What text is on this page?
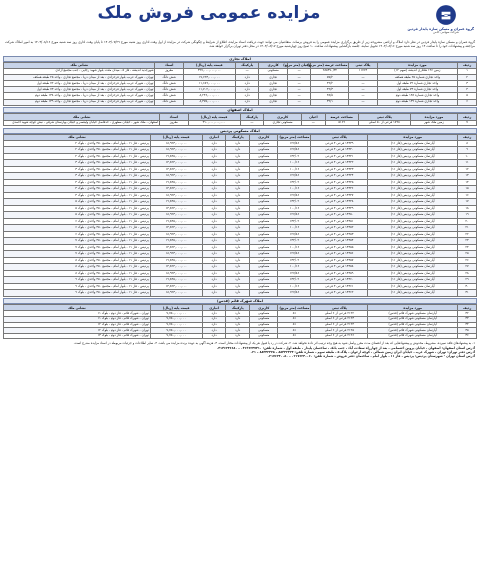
مزایده عمومی فروش ملک
گروه عمران و مسکن سازه پایدار فردین
شرکت سهامی خاص
گروه عمران و مسکن سازه پایدار فردین در نظر دارد املاک و اراضی مشروحه زیر از طریق برگزاری مزایده عمومی را به فروش برساند. متقاضیان می توانند جهت دریافت اسناد مزایده، اطلاع از شرایط و چگونگی شرکت در مزایده از اول وقت اداری روز شنبه مورخ ۱۴۰۳/۰۷/۲۹ تا پایان وقت اداری روز سه شنبه مورخ ۱۴۰۳/۰۸/۱۶ به امور املاک شرکت مراجعه و پیشنهادات خود را تا ساعت ۱۴ روز سه شنبه مورخ ۱۴۰۳/۰۸/۱۶ تحویل نمایند. جلسه بازگشایی پیشنهادات ساعت ۱۰ صبح روز چهارشنبه مورخ ۱۴۰۳/۰۸/۱۷ در محل دفتر تهران برگزار خواهد شد.
املاک تجاری
ردیف	مورد مزایده	پلاک ثبتی	مساحت عرصه (متر مربع)	اعیان (متر مربع)	کاربری	پارکینگ	قیمت پایه (ریال)	اسناد	نشانی ملک
۱	زمین ۱۹۶ هکتاری اندیشه (سهم ۱۲)	۱۱۷۶۳	۲۸۵۴۷۰/۳۲	—	مسکونی	—	۳۹۷,۰۰۰,۰۰۰,۰۰۰	مفروز	شهرجدید اندیشه ، فاز ۵ ، میدان ملت، بلوار شهید رجایی ، جنب مجتمع آزادی
۲	واحد تجاری شماره ۲۵ طبقه همکف	—	۷۵/۲	—	تجاری	دارد	۱۷,۶۲۳,۰۰۰,۰۰۰	شش دانگ	تهران - شهرک غرب، بلوار فرحزادی ، بعد از میدان دریا ، مجتمع تجاری ، واحد ۲۵ طبقه همکف
۳	واحد تجاری شماره ۷۲ طبقه اول	—	۴۹/۲	—	تجاری	دارد	۱۱,۶۸۹,۰۰۰,۰۰۰	شش دانگ	تهران - شهرک غرب، بلوار فرحزادی ، بعد از میدان دریا ، مجتمع تجاری ، واحد ۷۲ طبقه اول
۴	واحد تجاری شماره ۷۳ طبقه اول	—	۴۹/۳	—	تجاری	دارد	۱۱,۷۰۲,۰۰۰,۰۰۰	شش دانگ	تهران - شهرک غرب، بلوار فرحزادی ، بعد از میدان دریا ، مجتمع تجاری ، واحد ۷۳ طبقه اول
۵	واحد تجاری شماره ۱۳۸ طبقه دوم	—	۳۸/۵	—	تجاری	دارد	۸,۲۴۶,۰۰۰,۰۰۰	شش دانگ	تهران - شهرک غرب، بلوار فرحزادی ، بعد از میدان دریا ، مجتمع تجاری ، واحد ۱۳۸ طبقه دوم
۶	واحد تجاری شماره ۱۳۹ طبقه دوم	—	۳۹/۱	—	تجاری	دارد	۸,۳۷۵,۰۰۰,۰۰۰	شش دانگ	تهران - شهرک غرب، بلوار فرحزادی ، بعد از میدان دریا ، مجتمع تجاری ، واحد ۱۳۹ طبقه دوم
املاک اصفهان
ردیف	مورد مزایده	پلاک ثبتی	مساحت عرصه	اعیان	کاربری	پارکینگ	قیمت پایه (ریال)	اسناد	نشانی ملک
۷	زمین ملک شهر	۱۷۹۸ فرعی از ۵۰ اصلی	۵۱۶۹	—	مسکونی تجاری	—	۳۱۰,۰۰۰,۰۰۰,۰۰۰	مفروز	اصفهان ، ملک شهر ، خیابان مطهری ، حدفاصل خیابان ولیعصر و خیابان بهارستان شرقی ، نبش کوچه شهید احمدی
املاک مسکونی پردیس
ردیف	مورد مزایده	پلاک ثبتی	مساحت (متر مربع)	کاربری	پارکینگ	انباری	قیمت پایه (ریال)	نشانی ملک
۸	آپارتمان مسکونی پردیس (فاز ۱۱)	۱۴۳۳۹ فرعی ۴ فرعی	۱۲۷/۸۶	مسکونی	دارد	دارد	۱۸,۹۲۳,۰۰۰,۰۰۰	پردیس - فاز ۱۱ - بلوار امام ، مجتمع ۴۵۰ واحدی ، بلوک ۲
۹	آپارتمان مسکونی پردیس (فاز ۱۱)	۱۴۳۴۰ فرعی ۴ فرعی	۱۲۷/۸۶	مسکونی	دارد	دارد	۱۸,۹۲۳,۰۰۰,۰۰۰	پردیس - فاز ۱۱ - بلوار امام ، مجتمع ۴۵۰ واحدی ، بلوک ۲
۱۰	آپارتمان مسکونی پردیس (فاز ۱۱)	۱۴۳۴۱ فرعی ۴ فرعی	۱۳۴/۰۲	مسکونی	دارد	دارد	۱۹,۸۳۵,۰۰۰,۰۰۰	پردیس - فاز ۱۱ - بلوار امام ، مجتمع ۴۵۰ واحدی ، بلوک ۲
۱۱	آپارتمان مسکونی پردیس (فاز ۱۱)	۱۴۳۴۲ فرعی ۴ فرعی	۱۰۰/۱۶	مسکونی	دارد	دارد	۱۴,۸۲۴,۰۰۰,۰۰۰	پردیس - فاز ۱۱ - بلوار امام ، مجتمع ۴۵۰ واحدی ، بلوک ۳
۱۲	آپارتمان مسکونی پردیس (فاز ۱۱)	۱۴۳۴۳ فرعی ۴ فرعی	۱۰۰/۱۶	مسکونی	دارد	دارد	۱۴,۸۲۴,۰۰۰,۰۰۰	پردیس - فاز ۱۱ - بلوار امام ، مجتمع ۴۵۰ واحدی ، بلوک ۳
۱۳	آپارتمان مسکونی پردیس (فاز ۱۱)	۱۴۳۴۴ فرعی ۴ فرعی	۱۲۷/۸۶	مسکونی	دارد	دارد	۱۸,۹۲۳,۰۰۰,۰۰۰	پردیس - فاز ۱۱ - بلوار امام ، مجتمع ۴۵۰ واحدی ، بلوک ۳
۱۴	آپارتمان مسکونی پردیس (فاز ۱۱)	۱۴۳۴۵ فرعی ۴ فرعی	۱۳۴/۰۲	مسکونی	دارد	دارد	۱۹,۸۳۵,۰۰۰,۰۰۰	پردیس - فاز ۱۱ - بلوار امام ، مجتمع ۴۵۰ واحدی ، بلوک ۴
۱۵	آپارتمان مسکونی پردیس (فاز ۱۱)	۱۴۳۴۶ فرعی ۴ فرعی	۱۰۰/۱۶	مسکونی	دارد	دارد	۱۴,۸۲۴,۰۰۰,۰۰۰	پردیس - فاز ۱۱ - بلوار امام ، مجتمع ۴۵۰ واحدی ، بلوک ۴
۱۶	آپارتمان مسکونی پردیس (فاز ۱۱)	۱۴۳۴۷ فرعی ۴ فرعی	۱۲۷/۸۶	مسکونی	دارد	دارد	۱۸,۹۲۳,۰۰۰,۰۰۰	پردیس - فاز ۱۱ - بلوار امام ، مجتمع ۴۵۰ واحدی ، بلوک ۴
۱۷	آپارتمان مسکونی پردیس (فاز ۱۱)	۱۴۳۴۸ فرعی ۴ فرعی	۱۳۴/۰۲	مسکونی	دارد	دارد	۱۹,۸۳۵,۰۰۰,۰۰۰	پردیس - فاز ۱۱ - بلوار امام ، مجتمع ۴۵۰ واحدی ، بلوک ۵
۱۸	آپارتمان مسکونی پردیس (فاز ۱۱)	۱۴۳۴۹ فرعی ۴ فرعی	۱۰۰/۱۶	مسکونی	دارد	دارد	۱۴,۸۲۴,۰۰۰,۰۰۰	پردیس - فاز ۱۱ - بلوار امام ، مجتمع ۴۵۰ واحدی ، بلوک ۵
۱۹	آپارتمان مسکونی پردیس (فاز ۱۱)	۱۴۳۵۰ فرعی ۴ فرعی	۱۲۷/۸۶	مسکونی	دارد	دارد	۱۸,۹۲۳,۰۰۰,۰۰۰	پردیس - فاز ۱۱ - بلوار امام ، مجتمع ۴۵۰ واحدی ، بلوک ۵
۲۰	آپارتمان مسکونی پردیس (فاز ۱۱)	۱۴۳۵۱ فرعی ۴ فرعی	۱۳۴/۰۲	مسکونی	دارد	دارد	۱۹,۸۳۵,۰۰۰,۰۰۰	پردیس - فاز ۱۱ - بلوار امام ، مجتمع ۴۵۰ واحدی ، بلوک ۶
۲۱	آپارتمان مسکونی پردیس (فاز ۱۱)	۱۴۳۵۲ فرعی ۴ فرعی	۱۰۰/۱۶	مسکونی	دارد	دارد	۱۴,۸۲۴,۰۰۰,۰۰۰	پردیس - فاز ۱۱ - بلوار امام ، مجتمع ۴۵۰ واحدی ، بلوک ۶
۲۲	آپارتمان مسکونی پردیس (فاز ۱۱)	۱۴۳۵۳ فرعی ۴ فرعی	۱۲۷/۸۶	مسکونی	دارد	دارد	۱۸,۹۲۳,۰۰۰,۰۰۰	پردیس - فاز ۱۱ - بلوار امام ، مجتمع ۴۵۰ واحدی ، بلوک ۶
۲۳	آپارتمان مسکونی پردیس (فاز ۱۱)	۱۴۳۵۴ فرعی ۴ فرعی	۱۳۴/۰۲	مسکونی	دارد	دارد	۱۹,۸۳۵,۰۰۰,۰۰۰	پردیس - فاز ۱۱ - بلوار امام ، مجتمع ۴۵۰ واحدی ، بلوک ۷
۲۴	آپارتمان مسکونی پردیس (فاز ۱۱)	۱۴۳۵۵ فرعی ۴ فرعی	۱۰۰/۱۶	مسکونی	دارد	دارد	۱۴,۸۲۴,۰۰۰,۰۰۰	پردیس - فاز ۱۱ - بلوار امام ، مجتمع ۴۵۰ واحدی ، بلوک ۷
۲۵	آپارتمان مسکونی پردیس (فاز ۱۱)	۱۴۳۵۶ فرعی ۴ فرعی	۱۲۷/۸۶	مسکونی	دارد	دارد	۱۸,۹۲۳,۰۰۰,۰۰۰	پردیس - فاز ۱۱ - بلوار امام ، مجتمع ۴۵۰ واحدی ، بلوک ۷
۲۶	آپارتمان مسکونی پردیس (فاز ۱۱)	۱۴۳۵۷ فرعی ۴ فرعی	۱۳۴/۰۲	مسکونی	دارد	دارد	۱۹,۸۳۵,۰۰۰,۰۰۰	پردیس - فاز ۱۱ - بلوار امام ، مجتمع ۴۵۰ واحدی ، بلوک ۸
۲۷	آپارتمان مسکونی پردیس (فاز ۱۱)	۱۴۳۵۸ فرعی ۴ فرعی	۱۰۰/۱۶	مسکونی	دارد	دارد	۱۴,۸۲۴,۰۰۰,۰۰۰	پردیس - فاز ۱۱ - بلوار امام ، مجتمع ۴۵۰ واحدی ، بلوک ۸
۲۸	آپارتمان مسکونی پردیس (فاز ۱۱)	۱۴۳۵۹ فرعی ۴ فرعی	۱۲۷/۸۶	مسکونی	دارد	دارد	۱۸,۹۲۳,۰۰۰,۰۰۰	پردیس - فاز ۱۱ - بلوار امام ، مجتمع ۴۵۰ واحدی ، بلوک ۸
۲۹	آپارتمان مسکونی پردیس (فاز ۱۱)	۱۴۳۶۰ فرعی ۴ فرعی	۱۳۴/۰۲	مسکونی	دارد	دارد	۱۹,۸۳۵,۰۰۰,۰۰۰	پردیس - فاز ۱۱ - بلوار امام ، مجتمع ۴۵۰ واحدی ، بلوک ۹
۳۰	آپارتمان مسکونی پردیس (فاز ۱۱)	۱۴۳۶۱ فرعی ۴ فرعی	۱۰۰/۱۶	مسکونی	دارد	دارد	۱۴,۸۲۴,۰۰۰,۰۰۰	پردیس - فاز ۱۱ - بلوار امام ، مجتمع ۴۵۰ واحدی ، بلوک ۹
۳۱	آپارتمان مسکونی پردیس (فاز ۱۱)	۱۴۳۶۲ فرعی ۴ فرعی	۱۲۷/۸۶	مسکونی	دارد	دارد	۱۸,۹۲۳,۰۰۰,۰۰۰	پردیس - فاز ۱۱ - بلوار امام ، مجتمع ۴۵۰ واحدی ، بلوک ۹
املاک شهرک قائم (قدس)
ردیف	مورد مزایده	پلاک ثبتی	مساحت (متر مربع)	کاربری	پارکینگ	انباری	قیمت پایه (ریال)	نشانی ملک
۳۲	آپارتمان مسکونی شهرک قائم (قدس)	۲۱۲۲ فرعی از ۶ اصلی	۵۱	مسکونی	دارد	دارد	۷,۷۵۰,۰۰۰,۰۰۰	تهران - شهرک قائم ، فاز دوم ، بلوک ۱۱
۳۳	آپارتمان مسکونی شهرک قائم (قدس)	۲۱۲۳ فرعی از ۶ اصلی	۵۱	مسکونی	دارد	دارد	۷,۷۵۰,۰۰۰,۰۰۰	تهران - شهرک قائم ، فاز دوم ، بلوک ۱۱
۳۴	آپارتمان مسکونی شهرک قائم (قدس)	۲۱۲۴ فرعی از ۶ اصلی	۵۱	مسکونی	دارد	دارد	۷,۷۵۰,۰۰۰,۰۰۰	تهران - شهرک قائم ، فاز دوم ، بلوک ۱۲
۳۵	آپارتمان مسکونی شهرک قائم (قدس)	۲۱۲۵ فرعی از ۶ اصلی	۵۱	مسکونی	دارد	دارد	۷,۷۵۰,۰۰۰,۰۰۰	تهران - شهرک قائم ، فاز دوم ، بلوک ۱۲
۳۶	آپارتمان مسکونی شهرک قائم (قدس)	۲۱۲۶ فرعی از ۶ اصلی	۵۱	مسکونی	دارد	دارد	۷,۷۵۰,۰۰۰,۰۰۰	تهران - شهرک قائم ، فاز دوم ، بلوک ۱۳

۱- به پیشنهادهای فاقد سپرده، مشروط، مخدوش و پیشنهادهایی که بعد از انقضای مدت مقرر واصل شود به هیچ وجه ترتیب اثر داده نخواهد شد. ۲- شرکت در رد یا قبول هر یک از پیشنهادات مختار است. ۳- هزینه آگهی به عهده برنده مزایده می باشد. ۴- سایر اطلاعات و جزئیات مربوطه در اسناد مزایده مندرج است.

آدرس استان اصفهان: اصفهان ، خیابان پروین اعتصامی ، بعد از چهارراه سعادت آباد ، جنب بانک ، ساختمان پایدار ، طبقه اول ، شماره تلفن: ۰۳۱۳۶۲۴۷۳۱۰ – ۰۳۱۳۶۲۴۶۶۸۰

آدرس دفتر تهران: تهران ، شهرک غرب ، خیابان ایران زمین شمالی ، کوچه ارغوان ، پلاک ۵ ، طبقه سوم ، شماره تلفن: ۸۸۳۴۲۳۲۴ – ۸۸۳۴۲۳۲۵ – ۰۲۱

آدرس استان تهران - شهرستان پردیس: پردیس ، فاز ۱۱ ، بلوار امام ، ساختمان دفتر فروش ، شماره تلفن: ۰۲۱۷۶۲۴۰۰۶۰ – ۰۲۱۷۶۲۴۰۰۸۰
